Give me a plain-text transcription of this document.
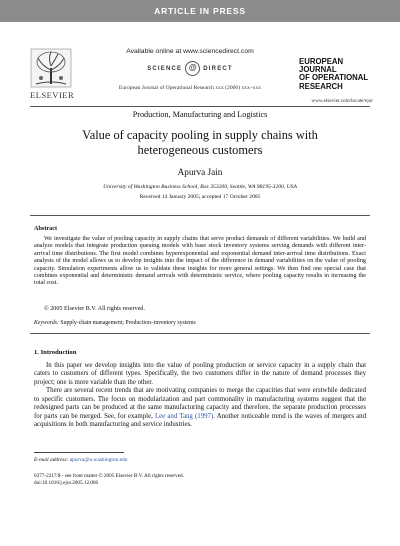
ARTICLE IN PRESS
ELSEVIER
Available online at www.sciencedirect.com
SCIENCE @	DIRECT
European Journal of Operational Research xxx (2006) xxx–xxx
EUROPEAN
JOURNAL
OF OPERATIONAL
RESEARCH
www.elsevier.com/locate/ejor
Production, Manufacturing and Logistics
Value of capacity pooling in supply chains with
heterogeneous customers
Apurva Jain
University of Washington Business School, Box 353200, Seattle, WA 98195-3200, USA
Received 14 January 2005; accepted 17 October 2005
Abstract
We investigate the value of pooling capacity in supply chains that serve product demands of different variabilities. We build and analyze models that integrate production queuing models with base stock inventory systems serving demands with different inter-arrival time distributions. The first model combines hyperexponential and exponential demand inter-arrival time distributions. Exact analysis of the model allows us to develop insights into the impact of the difference in demand variabilities on the value of pooling capacity. Simulation experiments allow us to validate these insights for more general settings. We then find one special case that combines exponential and deterministic demand arrivals with deterministic service, where pooling capacity results in increasing the total cost.
© 2005 Elsevier B.V. All rights reserved.
Keywords: Supply-chain management; Production–inventory systems
1. Introduction

In this paper we develop insights into the value of pooling production or service capacity in a supply chain that caters to customers of different types. Specifically, the two customers differ in the nature of demand processes they project; one is more variable than the other.

There are several recent trends that are motivating companies to merge the capacities that were erstwhile dedicated to specific customers. The focus on modularization and part commonality in manufacturing systems suggest that the redesigned parts can be produced at the same manufacturing capacity and therefore, the separate production processes for parts can be merged. See, for example, Lee and Tang (1997). Another noticeable trend is the waves of mergers and acquisitions in both manufacturing and service industries.

E-mail address: apurva@u.washington.edu
0377-2217/$ - see front matter © 2005 Elsevier B.V. All rights reserved.
doi:10.1016/j.ejor.2005.12.006
